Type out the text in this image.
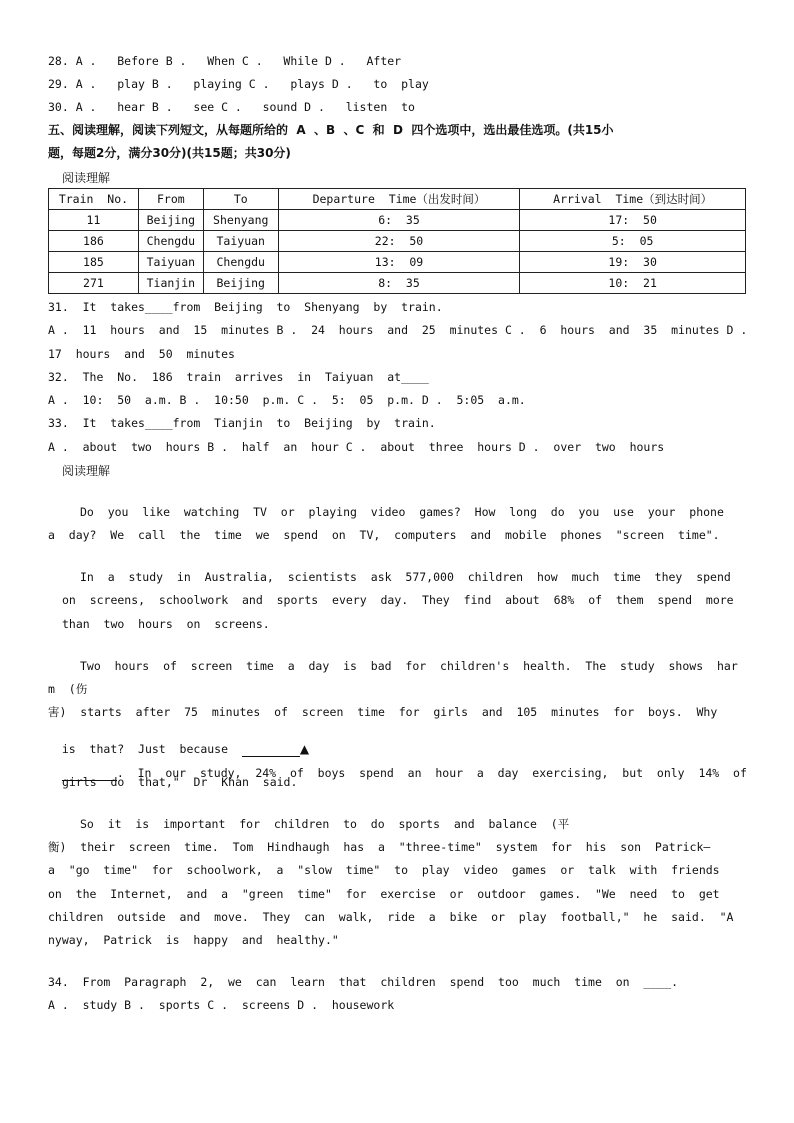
28. A .   Before B .   When C .   While D .   After
29. A .   play B .   playing C .   plays D .   to  play
30. A .   hear B .   see C .   sound D .   listen  to
五、阅读理解，阅读下列短文，从每题所给的  A  、B  、C  和  D  四个选项中，选出最佳选项。(共15小
题，每题2分，满分30分)(共15题；共30分)
阅读理解
Train  No.	From	To	Departure  Time（出发时间）	Arrival  Time（到达时间）
11	Beijing	Shenyang	6:  35	17:  50
186	Chengdu	Taiyuan	22:  50	5:  05
185	Taiyuan	Chengdu	13:  09	19:  30
271	Tianjin	Beijing	8:  35	10:  21
31.  It  takes____from  Beijing  to  Shenyang  by  train.
A .  11  hours  and  15  minutes B .  24  hours  and  25  minutes C .  6  hours  and  35  minutes D .
17  hours  and  50  minutes
32.  The  No.  186  train  arrives  in  Taiyuan  at____
A .  10:  50  a.m. B .  10:50  p.m. C .  5:  05  p.m. D .  5:05  a.m.
33.  It  takes____from  Tianjin  to  Beijing  by  train.
A .  about  two  hours B .  half  an  hour C .  about  three  hours D .  over  two  hours
阅读理解
Do  you  like  watching  TV  or  playing  video  games?  How  long  do  you  use  your  phone
a  day?  We  call  the  time  we  spend  on  TV,  computers  and  mobile  phones  "screen  time".
In  a  study  in  Australia,  scientists  ask  577,000  children  how  much  time  they  spend
on  screens,  schoolwork  and  sports  every  day.  They  find  about  68%  of  them  spend  more
than  two  hours  on  screens.
Two  hours  of  screen  time  a  day  is  bad  for  children's  health.  The  study  shows  har
m  (伤
害)  starts  after  75  minutes  of  screen  time  for  girls  and  105  minutes  for  boys.  Why

is  that?  Just  because	▲

.  In  our  study,  24%  of  boys  spend  an  hour  a  day  exercising,  but  only  14%  of

girls  do  that,"  Dr  Khan  said.
So  it  is  important  for  children  to  do  sports  and  balance  (平
衡)  their  screen  time.  Tom  Hindhaugh  has  a  "three-time"  system  for  his  son  Patrick—
a  "go  time"  for  schoolwork,  a  "slow  time"  to  play  video  games  or  talk  with  friends
on  the  Internet,  and  a  "green  time"  for  exercise  or  outdoor  games.  "We  need  to  get
children  outside  and  move.  They  can  walk,  ride  a  bike  or  play  football,"  he  said.  "A
nyway,  Patrick  is  happy  and  healthy."
34.  From  Paragraph  2,  we  can  learn  that  children  spend  too  much  time  on  ____.
A .  study B .  sports C .  screens D .  housework
